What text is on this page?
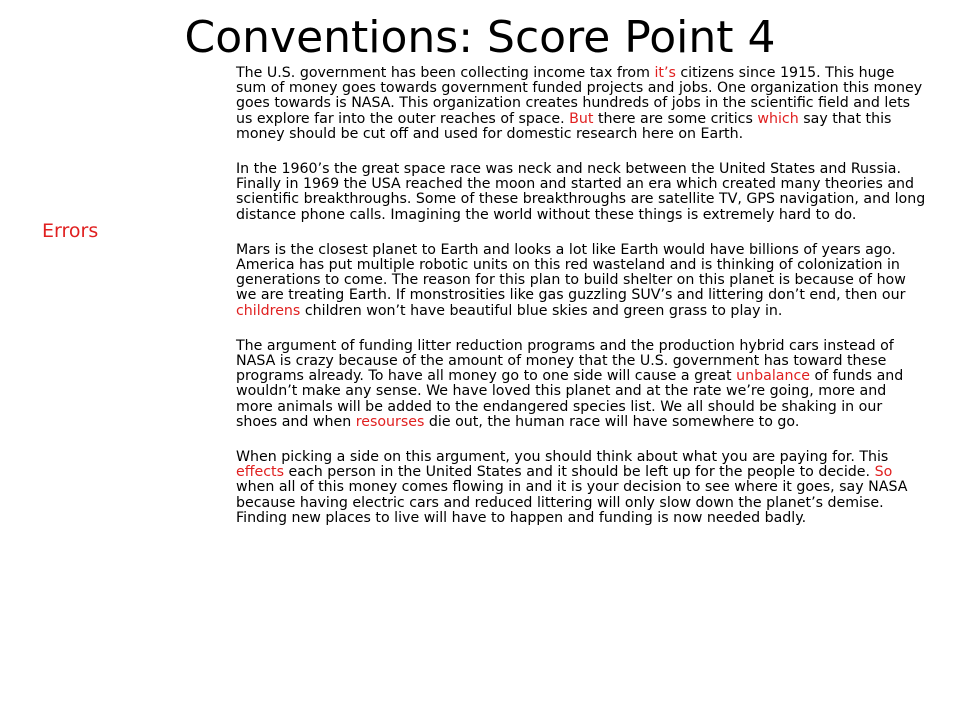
Conventions: Score Point 4
Errors

The U.S. government has been collecting income tax from it’s citizens since 1915. This huge sum of money goes towards government funded projects and jobs. One organization this money goes towards is NASA. This organization creates hundreds of jobs in the scientific field and lets us explore far into the outer reaches of space. But there are some critics which say that this money should be cut off and used for domestic research here on Earth.

In the 1960’s the great space race was neck and neck between the United States and Russia. Finally in 1969 the USA reached the moon and started an era which created many theories and scientific breakthroughs. Some of these breakthroughs are satellite TV, GPS navigation, and long distance phone calls. Imagining the world without these things is extremely hard to do.

Mars is the closest planet to Earth and looks a lot like Earth would have billions of years ago. America has put multiple robotic units on this red wasteland and is thinking of colonization in generations to come. The reason for this plan to build shelter on this planet is because of how we are treating Earth. If monstrosities like gas guzzling SUV’s and littering don’t end, then our childrens children won’t have beautiful blue skies and green grass to play in.

The argument of funding litter reduction programs and the production hybrid cars instead of NASA is crazy because of the amount of money that the U.S. government has toward these programs already. To have all money go to one side will cause a great unbalance of funds and wouldn’t make any sense. We have loved this planet and at the rate we’re going, more and more animals will be added to the endangered species list. We all should be shaking in our shoes and when resourses die out, the human race will have somewhere to go.

When picking a side on this argument, you should think about what you are paying for. This effects each person in the United States and it should be left up for the people to decide. So when all of this money comes flowing in and it is your decision to see where it goes, say NASA because having electric cars and reduced littering will only slow down the planet’s demise. Finding new places to live will have to happen and funding is now needed badly.
